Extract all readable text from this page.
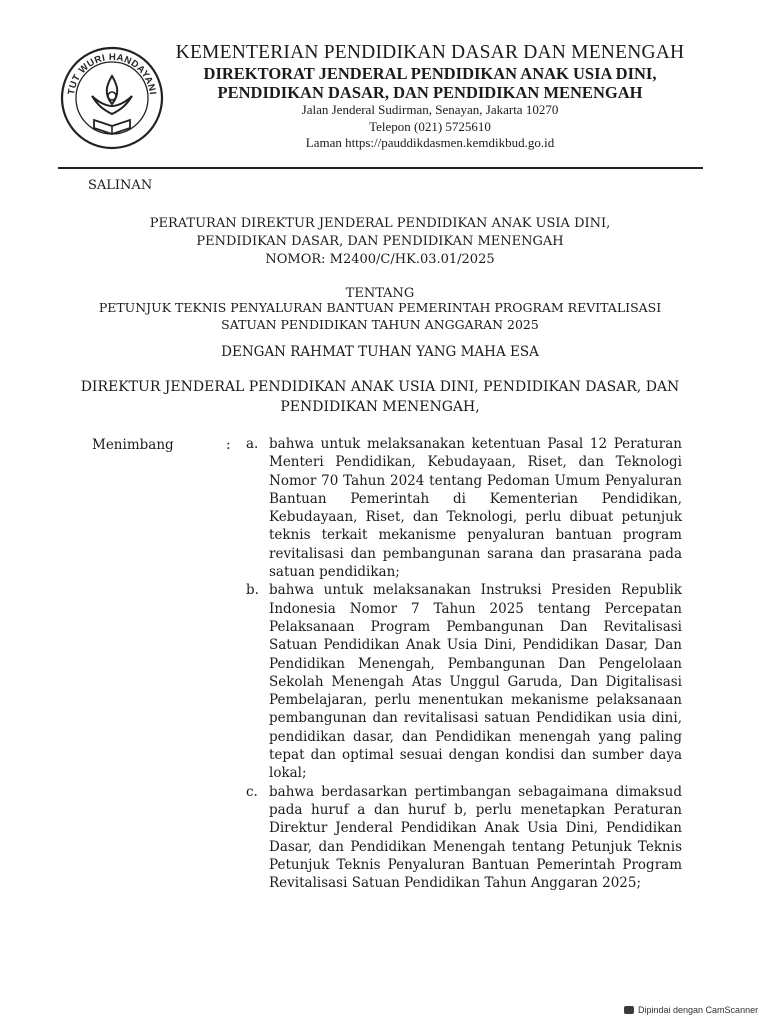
TUT WURI HANDAYANI
KEMENTERIAN PENDIDIKAN DASAR DAN MENENGAH
DIREKTORAT JENDERAL PENDIDIKAN ANAK USIA DINI, PENDIDIKAN DASAR, DAN PENDIDIKAN MENENGAH
Jalan Jenderal Sudirman, Senayan, Jakarta 10270
Telepon (021) 5725610
Laman https://pauddikdasmen.kemdikbud.go.id
SALINAN
PERATURAN DIREKTUR JENDERAL PENDIDIKAN ANAK USIA DINI,
PENDIDIKAN DASAR, DAN PENDIDIKAN MENENGAH
NOMOR: M2400/C/HK.03.01/2025
TENTANG
PETUNJUK TEKNIS PENYALURAN BANTUAN PEMERINTAH PROGRAM REVITALISASI
SATUAN PENDIDIKAN TAHUN ANGGARAN 2025
DENGAN RAHMAT TUHAN YANG MAHA ESA
DIREKTUR JENDERAL PENDIDIKAN ANAK USIA DINI, PENDIDIKAN DASAR, DAN
PENDIDIKAN MENENGAH,
Menimbang	: a. bahwa untuk melaksanakan ketentuan Pasal 12 Peraturan Menteri Pendidikan, Kebudayaan, Riset, dan Teknologi Nomor 70 Tahun 2024 tentang Pedoman Umum Penyaluran Bantuan Pemerintah di Kementerian Pendidikan, Kebudayaan, Riset, dan Teknologi, perlu dibuat petunjuk teknis terkait mekanisme penyaluran bantuan program revitalisasi dan pembangunan sarana dan prasarana pada satuan pendidikan;
b. bahwa untuk melaksanakan Instruksi Presiden Republik Indonesia Nomor 7 Tahun 2025 tentang Percepatan Pelaksanaan Program Pembangunan Dan Revitalisasi Satuan Pendidikan Anak Usia Dini, Pendidikan Dasar, Dan Pendidikan Menengah, Pembangunan Dan Pengelolaan Sekolah Menengah Atas Unggul Garuda, Dan Digitalisasi Pembelajaran, perlu menentukan mekanisme pelaksanaan pembangunan dan revitalisasi satuan Pendidikan usia dini, pendidikan dasar, dan Pendidikan menengah yang paling tepat dan optimal sesuai dengan kondisi dan sumber daya lokal;
c. bahwa berdasarkan pertimbangan sebagaimana dimaksud pada huruf a dan huruf b, perlu menetapkan Peraturan Direktur Jenderal Pendidikan Anak Usia Dini, Pendidikan Dasar, dan Pendidikan Menengah tentang Petunjuk Teknis Petunjuk Teknis Penyaluran Bantuan Pemerintah Program Revitalisasi Satuan Pendidikan Tahun Anggaran 2025;
Dipindai dengan CamScanner
